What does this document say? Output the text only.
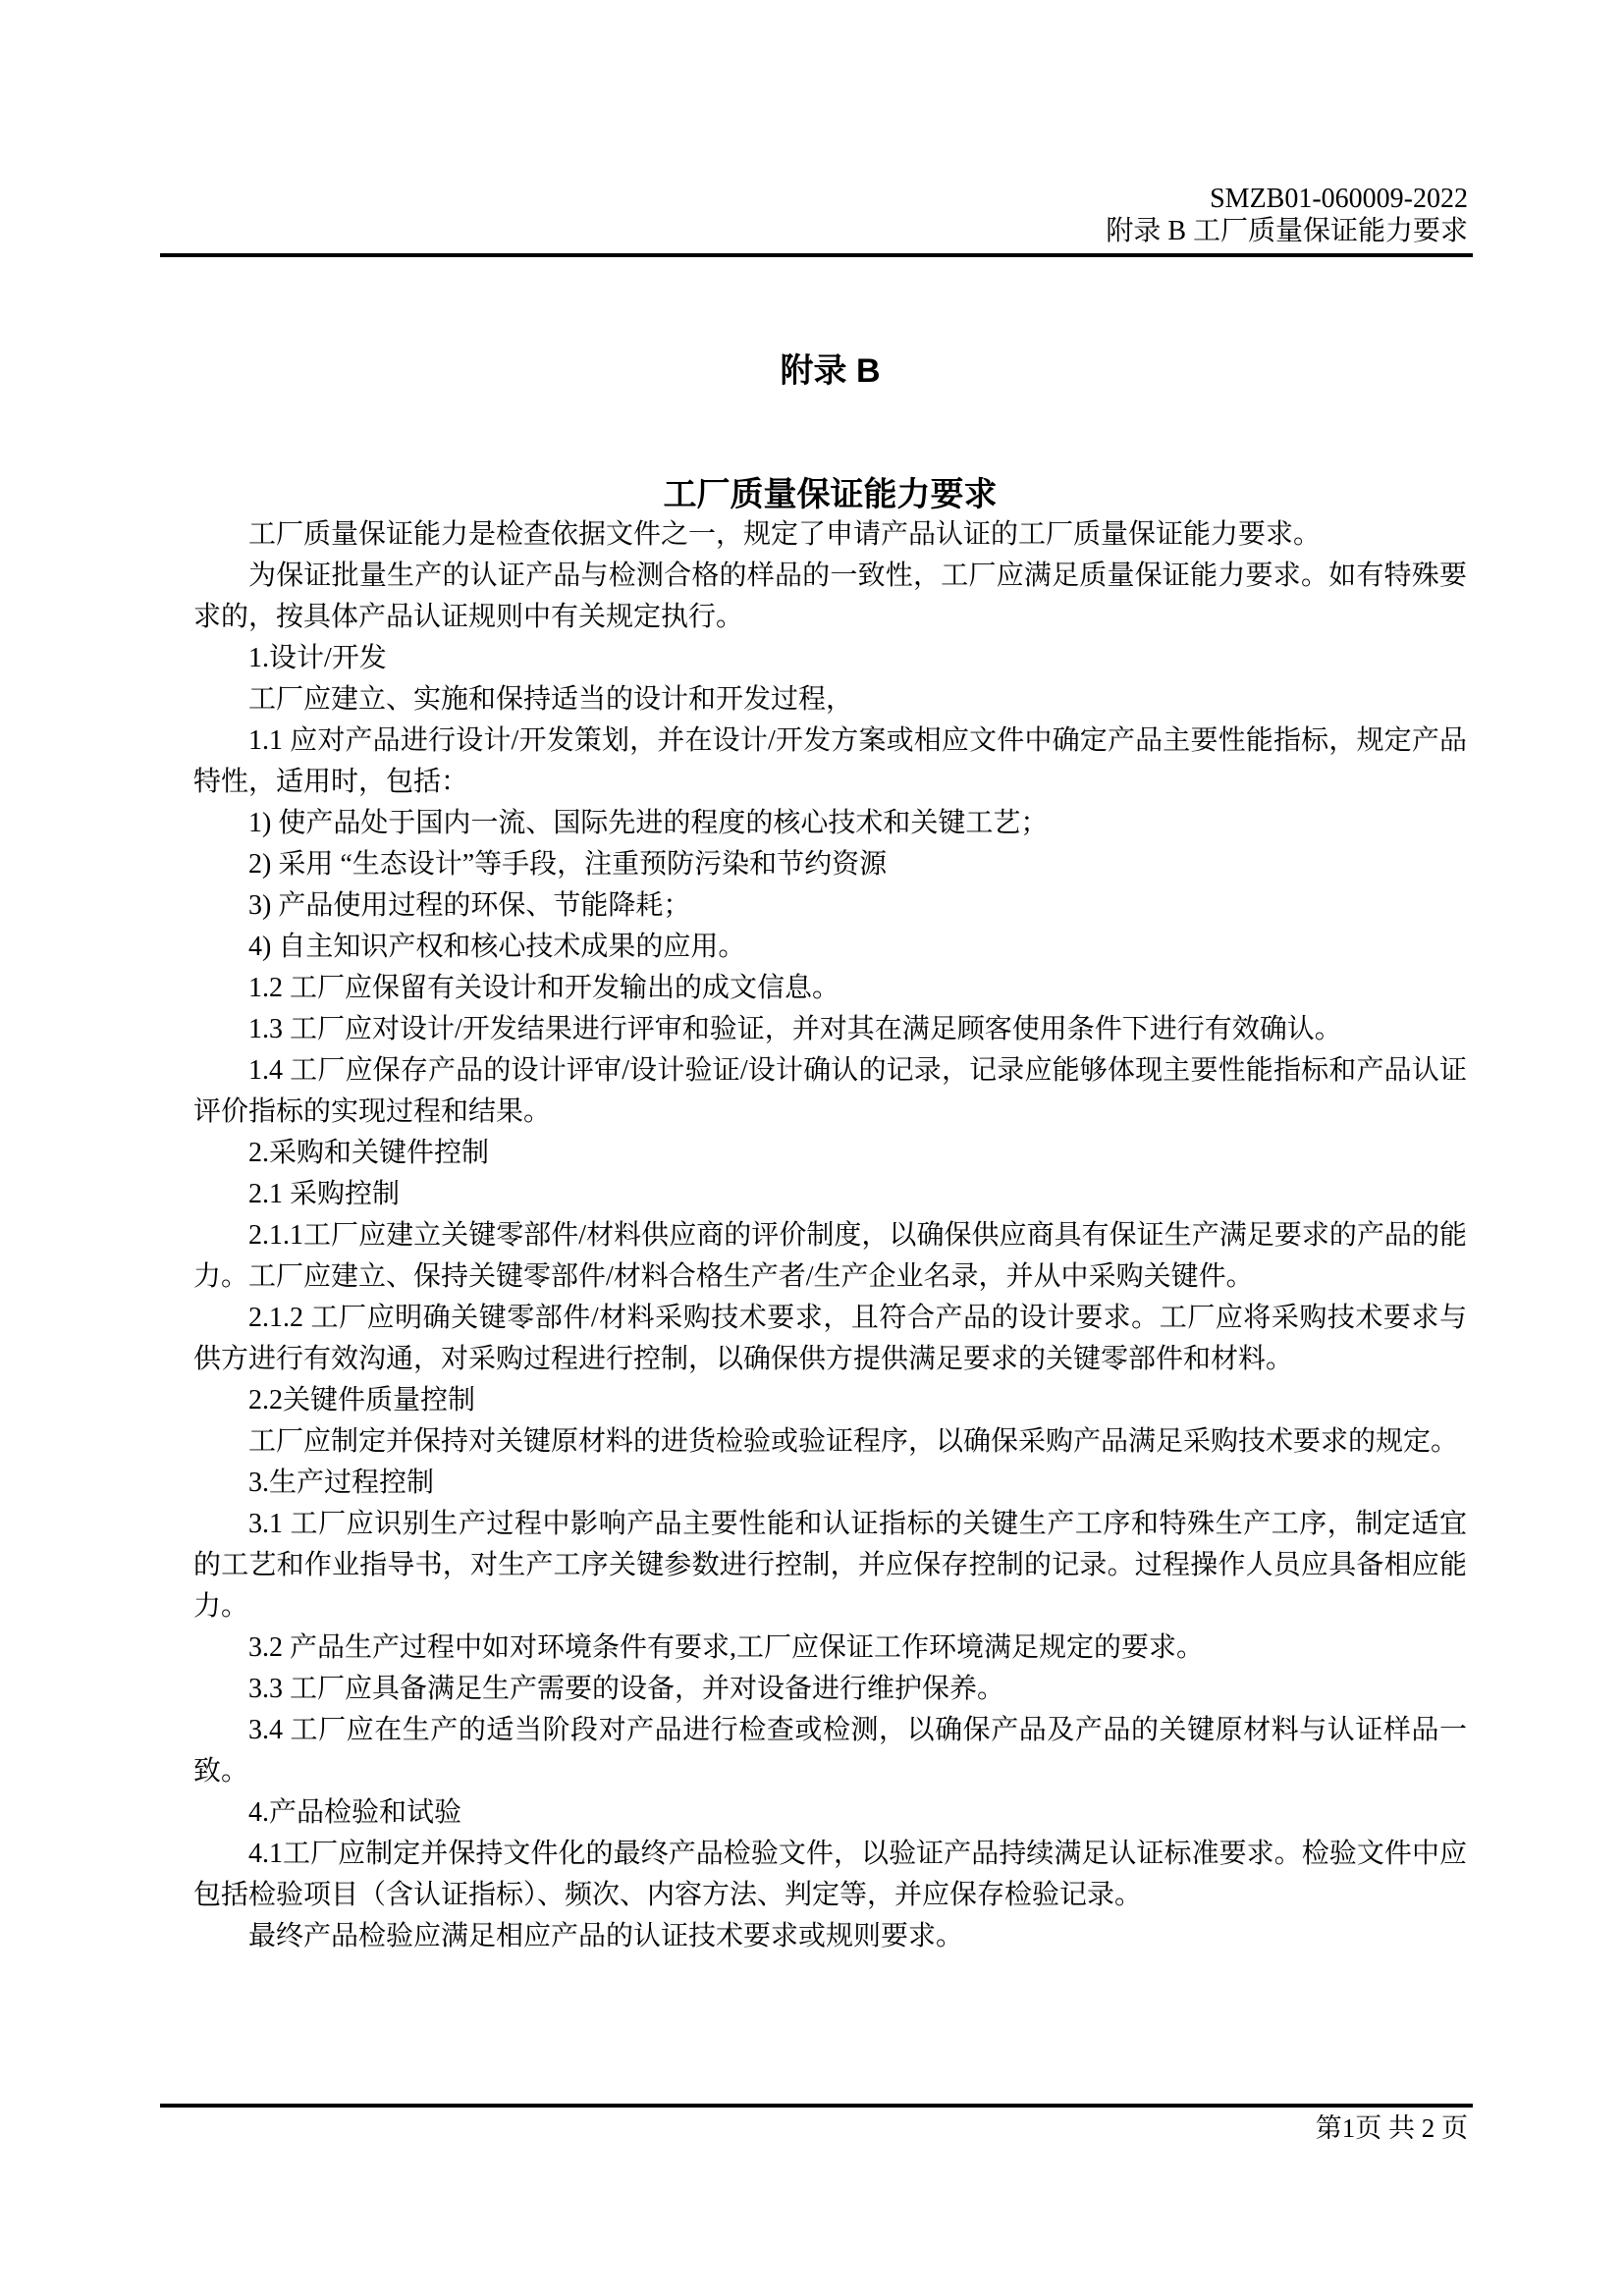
SMZB01-060009-2022
附录 B 工厂质量保证能力要求
附录 B
工厂质量保证能力要求

工厂质量保证能力是检查依据文件之一，规定了申请产品认证的工厂质量保证能力要求。

为保证批量生产的认证产品与检测合格的样品的一致性，工厂应满足质量保证能力要求。如有特殊要求的，按具体产品认证规则中有关规定执行。

1.设计/开发

工厂应建立、实施和保持适当的设计和开发过程，

1.1 应对产品进行设计/开发策划，并在设计/开发方案或相应文件中确定产品主要性能指标，规定产品特性，适用时，包括：

1) 使产品处于国内一流、国际先进的程度的核心技术和关键工艺；

2) 采用 “生态设计”等手段，注重预防污染和节约资源

3) 产品使用过程的环保、节能降耗；

4) 自主知识产权和核心技术成果的应用。

1.2 工厂应保留有关设计和开发输出的成文信息。

1.3 工厂应对设计/开发结果进行评审和验证，并对其在满足顾客使用条件下进行有效确认。

1.4 工厂应保存产品的设计评审/设计验证/设计确认的记录，记录应能够体现主要性能指标和产品认证评价指标的实现过程和结果。

2.采购和关键件控制

2.1 采购控制

2.1.1工厂应建立关键零部件/材料供应商的评价制度，以确保供应商具有保证生产满足要求的产品的能力。工厂应建立、保持关键零部件/材料合格生产者/生产企业名录，并从中采购关键件。

2.1.2 工厂应明确关键零部件/材料采购技术要求，且符合产品的设计要求。工厂应将采购技术要求与供方进行有效沟通，对采购过程进行控制，以确保供方提供满足要求的关键零部件和材料。

2.2关键件质量控制

工厂应制定并保持对关键原材料的进货检验或验证程序，以确保采购产品满足采购技术要求的规定。

3.生产过程控制

3.1 工厂应识别生产过程中影响产品主要性能和认证指标的关键生产工序和特殊生产工序，制定适宜的工艺和作业指导书，对生产工序关键参数进行控制，并应保存控制的记录。过程操作人员应具备相应能力。

3.2 产品生产过程中如对环境条件有要求,工厂应保证工作环境满足规定的要求。

3.3 工厂应具备满足生产需要的设备，并对设备进行维护保养。

3.4 工厂应在生产的适当阶段对产品进行检查或检测，以确保产品及产品的关键原材料与认证样品一致。

4.产品检验和试验

4.1工厂应制定并保持文件化的最终产品检验文件，以验证产品持续满足认证标准要求。检验文件中应包括检验项目（含认证指标）、频次、内容方法、判定等，并应保存检验记录。

最终产品检验应满足相应产品的认证技术要求或规则要求。

第1页 共 2 页
